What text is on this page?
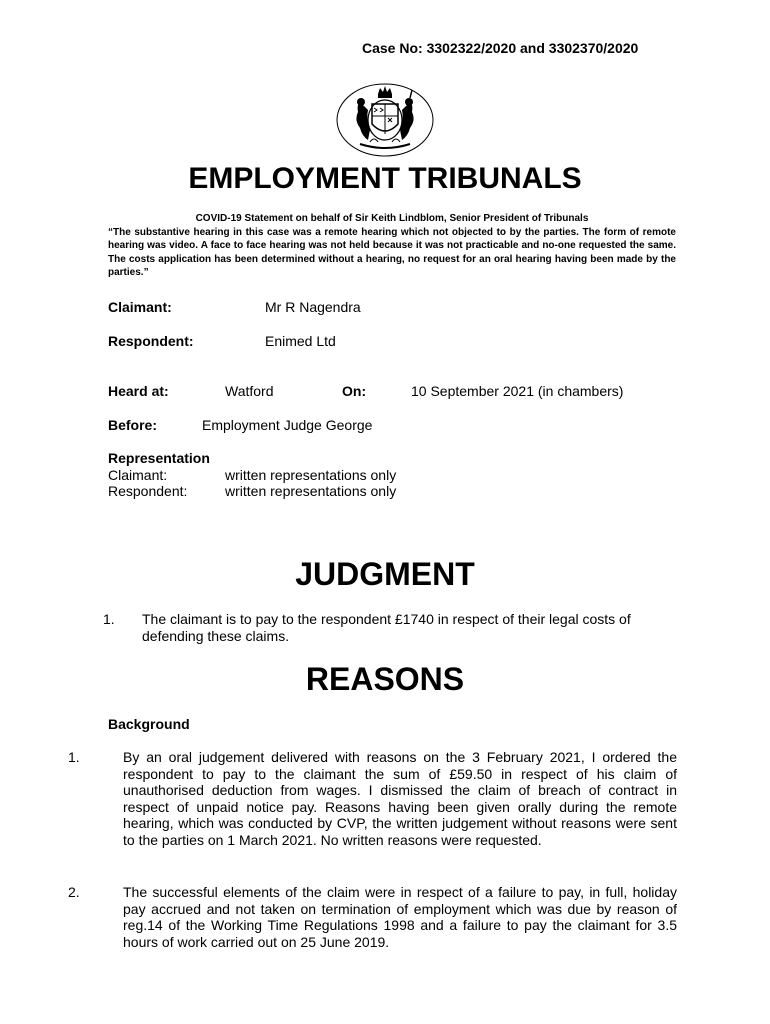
Case No: 3302322/2020 and 3302370/2020
EMPLOYMENT TRIBUNALS
COVID-19 Statement on behalf of Sir Keith Lindblom, Senior President of Tribunals
“The substantive hearing in this case was a remote hearing which not objected to by the parties. The form of remote hearing was video. A face to face hearing was not held because it was not practicable and no-one requested the same. The costs application has been determined without a hearing, no request for an oral hearing having been made by the parties.”
Claimant:	Mr R Nagendra
Respondent:	Enimed Ltd
Heard at:	Watford	On:	10 September 2021 (in chambers)
Before:	Employment Judge George
Representation
Claimant:	written representations only
Respondent:	written representations only
JUDGMENT
1. The claimant is to pay to the respondent £1740 in respect of their legal costs of defending these claims.
REASONS
Background
1.	By an oral judgement delivered with reasons on the 3 February 2021, I ordered the respondent to pay to the claimant the sum of £59.50 in respect of his claim of unauthorised deduction from wages. I dismissed the claim of breach of contract in respect of unpaid notice pay. Reasons having been given orally during the remote hearing, which was conducted by CVP, the written judgement without reasons were sent to the parties on 1 March 2021. No written reasons were requested.
2.	The successful elements of the claim were in respect of a failure to pay, in full, holiday pay accrued and not taken on termination of employment which was due by reason of reg.14 of the Working Time Regulations 1998 and a failure to pay the claimant for 3.5 hours of work carried out on 25 June 2019.
